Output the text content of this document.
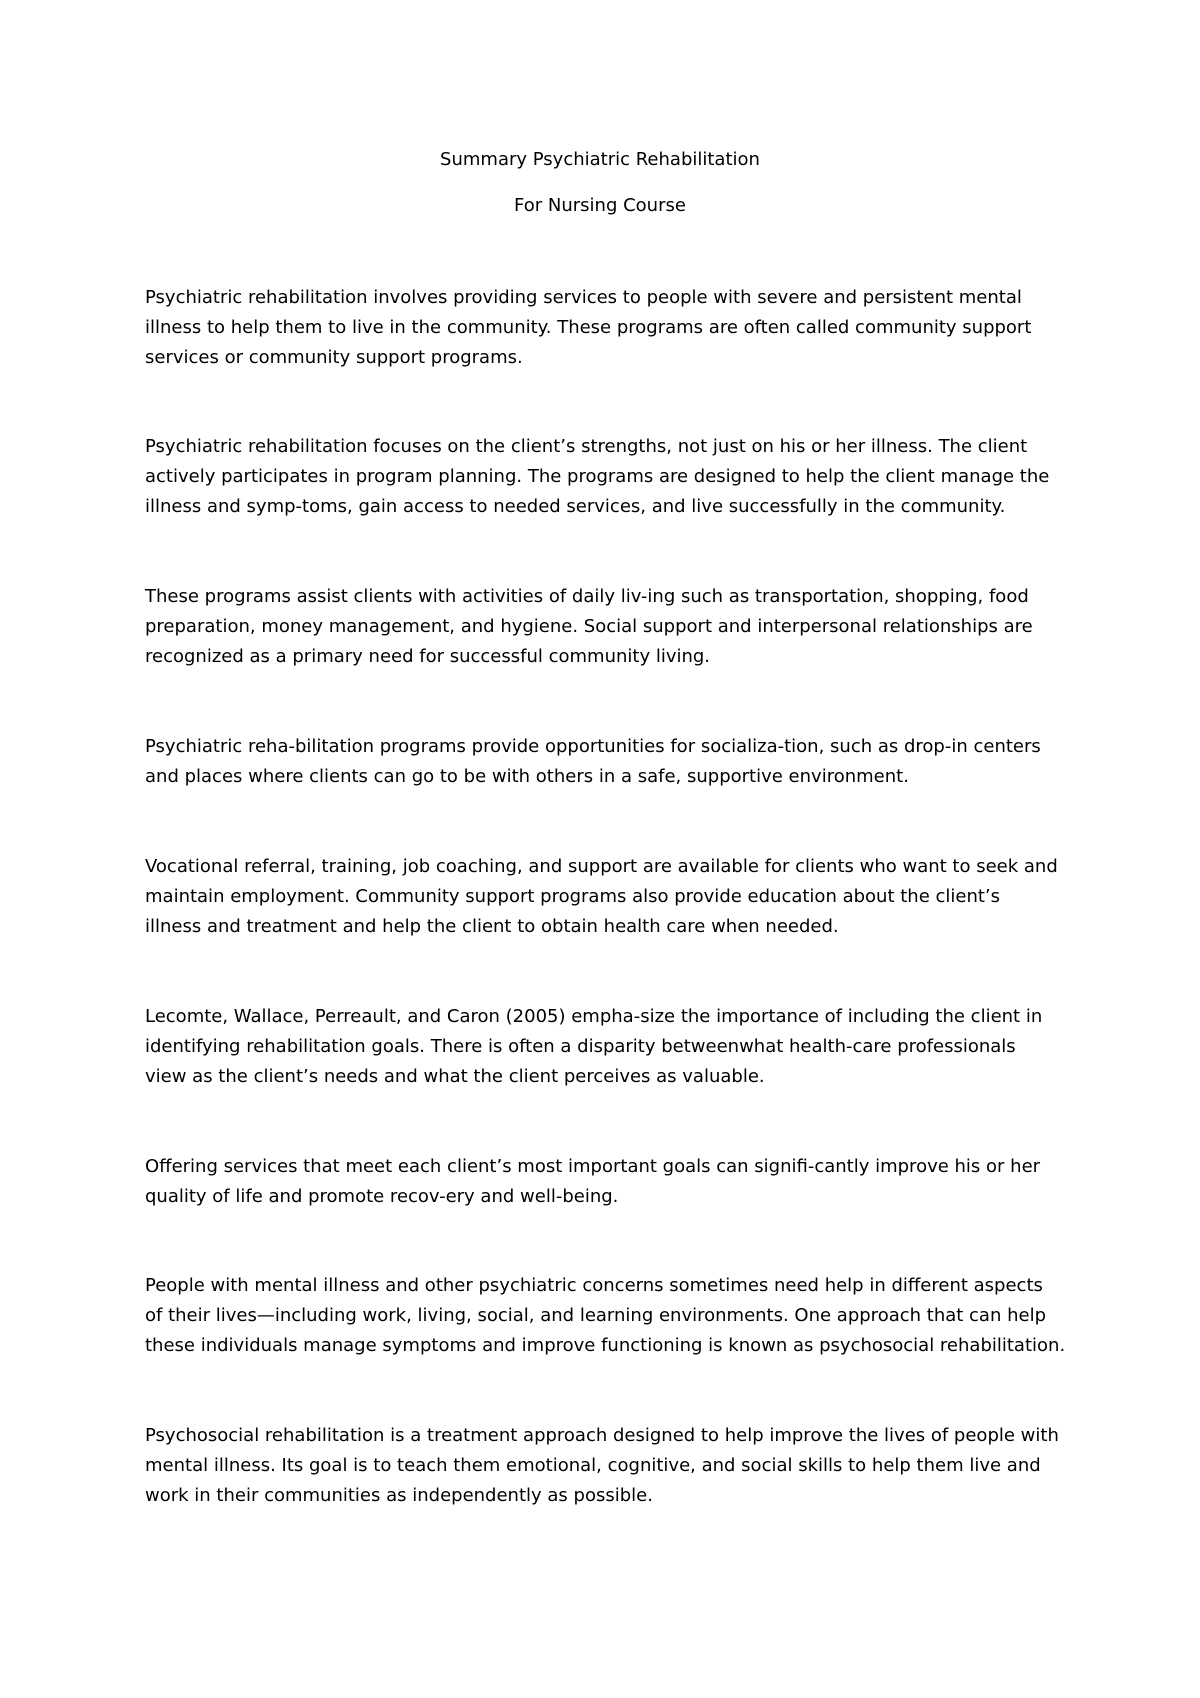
Summary Psychiatric Rehabilitation

For Nursing Course

Psychiatric rehabilitation involves providing services to people with severe and persistent mental
illness to help them to live in the community. These programs are often called community support
services or community support programs.

Psychiatric rehabilitation focuses on the client’s strengths, not just on his or her illness. The client
actively participates in program planning. The programs are designed to help the client manage the
illness and symp-toms, gain access to needed services, and live successfully in the community.

These programs assist clients with activities of daily liv-ing such as transportation, shopping, food
preparation, money management, and hygiene. Social support and interpersonal relationships are
recognized as a primary need for successful community living.

Psychiatric reha-bilitation programs provide opportunities for socializa-tion, such as drop-in centers
and places where clients can go to be with others in a safe, supportive environment.

Vocational referral, training, job coaching, and support are available for clients who want to seek and
maintain employment. Community support programs also provide education about the client’s
illness and treatment and help the client to obtain health care when needed.

Lecomte, Wallace, Perreault, and Caron (2005) empha-size the importance of including the client in
identifying rehabilitation goals. There is often a disparity betweenwhat health-care professionals
view as the client’s needs and what the client perceives as valuable.

Offering services that meet each client’s most important goals can signifi-cantly improve his or her
quality of life and promote recov-ery and well-being.

People with mental illness and other psychiatric concerns sometimes need help in different aspects
of their lives—including work, living, social, and learning environments. One approach that can help
these individuals manage symptoms and improve functioning is known as psychosocial rehabilitation.

Psychosocial rehabilitation is a treatment approach designed to help improve the lives of people with
mental illness. Its goal is to teach them emotional, cognitive, and social skills to help them live and
work in their communities as independently as possible.
